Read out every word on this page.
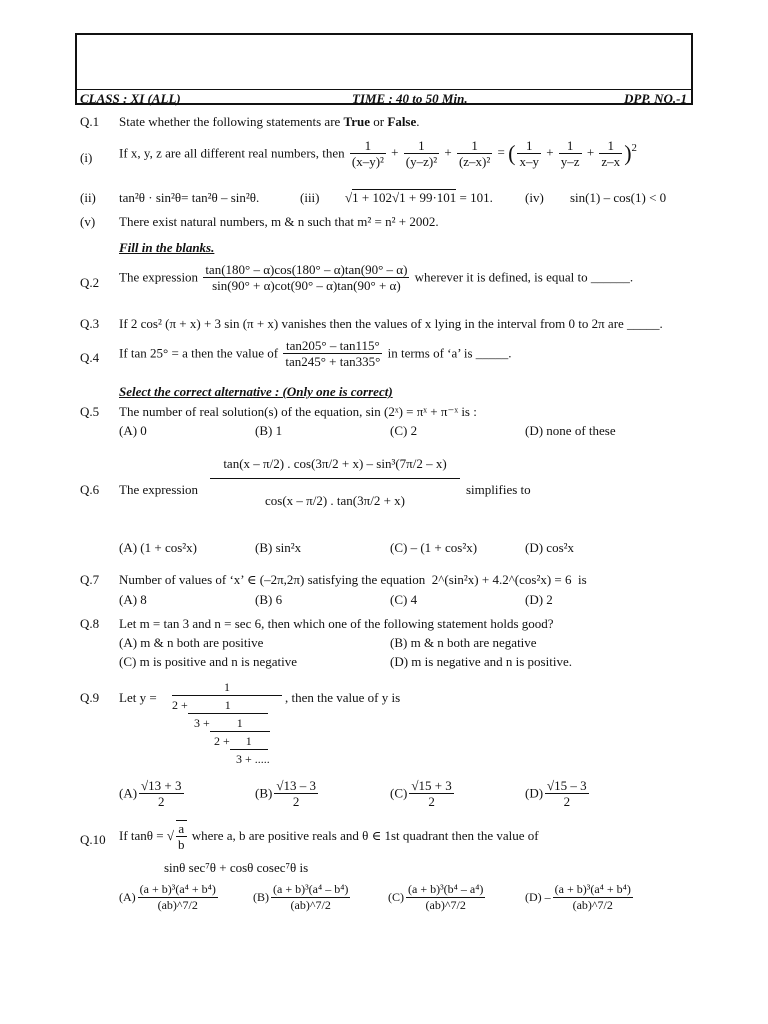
CLASS : XI (ALL)	TIME : 40 to 50 Min.	DPP. NO.-1
Q.1 State whether the following statements are True or False.
(i) If x, y, z are all different real numbers, then $\frac{1}{\text{(x–y)²}} + \frac{1}{\text{(y–z)²}} + \frac{1}{\text{(z–x)²}}$ = ( $\frac{1}{x-y} + \frac{1}{y-z} + \frac{1}{z-x} )^2$
(ii) tan²θ · sin²θ= tan²θ – sin²θ.	(iii) √1 + 102√1 + 99·101 = 101. (iv) sin(1) – cos(1) < 0
(v) There exist natural numbers, m & n such that m² = n² + 2002.
Fill in the blanks.
Q.2 The expression $\frac{\tan(180^\circ - \alpha)\cos(180^\circ - \alpha)\tan(90^\circ - \alpha)}{\sin(90^\circ + \alpha)\cot(90^\circ - \alpha)\tan(90^\circ + \alpha)}$ wherever it is defined, is equal to ______.
Q.3 If 2 cos² (π + x) + 3 sin (π + x) vanishes then the values of x lying in the interval from 0 to 2π are _____.
Q.4 If tan 25° = a then the value of $\frac{\tan 205^\circ - \tan 115^\circ}{\tan 245^\circ + \tan 335^\circ}$ in terms of ‘a’ is _____.
Select the correct alternative : (Only one is correct)
Q.5 The number of real solution(s) of the equation, sin (2ˣ) = πˣ + π⁻ˣ is :
(A) 0	(B) 1	(C) 2	(D) none of these
Q.6 The expression $\frac{\text{tan(x – π/2) . cos(3π/2 + x) – sin³(7π/2 – x)}}{\cos(x - \pi/2) . \tan(3\pi/2 + x)}$ simplifies to
(A) (1 + cos²x)	(B) sin²x	(C) – (1 + cos²x)	(D) cos²x
Q.7 Number of values of ‘x’ ∈ (–2π,2π) satisfying the equation 2^(sin²x) + 4.2^(cos²x) = 6 is
(A) 8	(B) 6	(C) 4	(D) 2
Q.8 Let m = tan 3 and n = sec 6, then which one of the following statement holds good?
(A) m & n both are positive	(B) m & n both are negative
(C) m is positive and n is negative	(D) m is negative and n is positive.
Q.9 Let y =
1
2 +	1
3 + 1
2 + 1
3 + .....
, then the value of y is
$(A) \frac{√13 + 3}{2}$	$(B) \frac{√13 - 3}{2}$	$(C) \frac{√15 + 3}{2}$	$(D) \frac{√15 - 3}{2}$
Q.10 If tanθ = √ $\frac{a}{b}$ where a, b are positive reals and θ ∈ 1st quadrant then the value of
sinθ sec⁷θ + cosθ cosec⁷θ is
$(A) \frac{\text{(a + b)³(a⁴ + b⁴)}}{(ab)\^{}7/2}$	$(B) \frac{\text{(a + b)³(a⁴ – b⁴)}}{(ab)\^{}7/2}$	$(C) \frac{\text{(a + b)³(b⁴ – a⁴)}}{(ab)\^{}7/2}$	$(D) - \frac{\text{(a + b)³(a⁴ + b⁴)}}{(ab)\^{}7/2}$
